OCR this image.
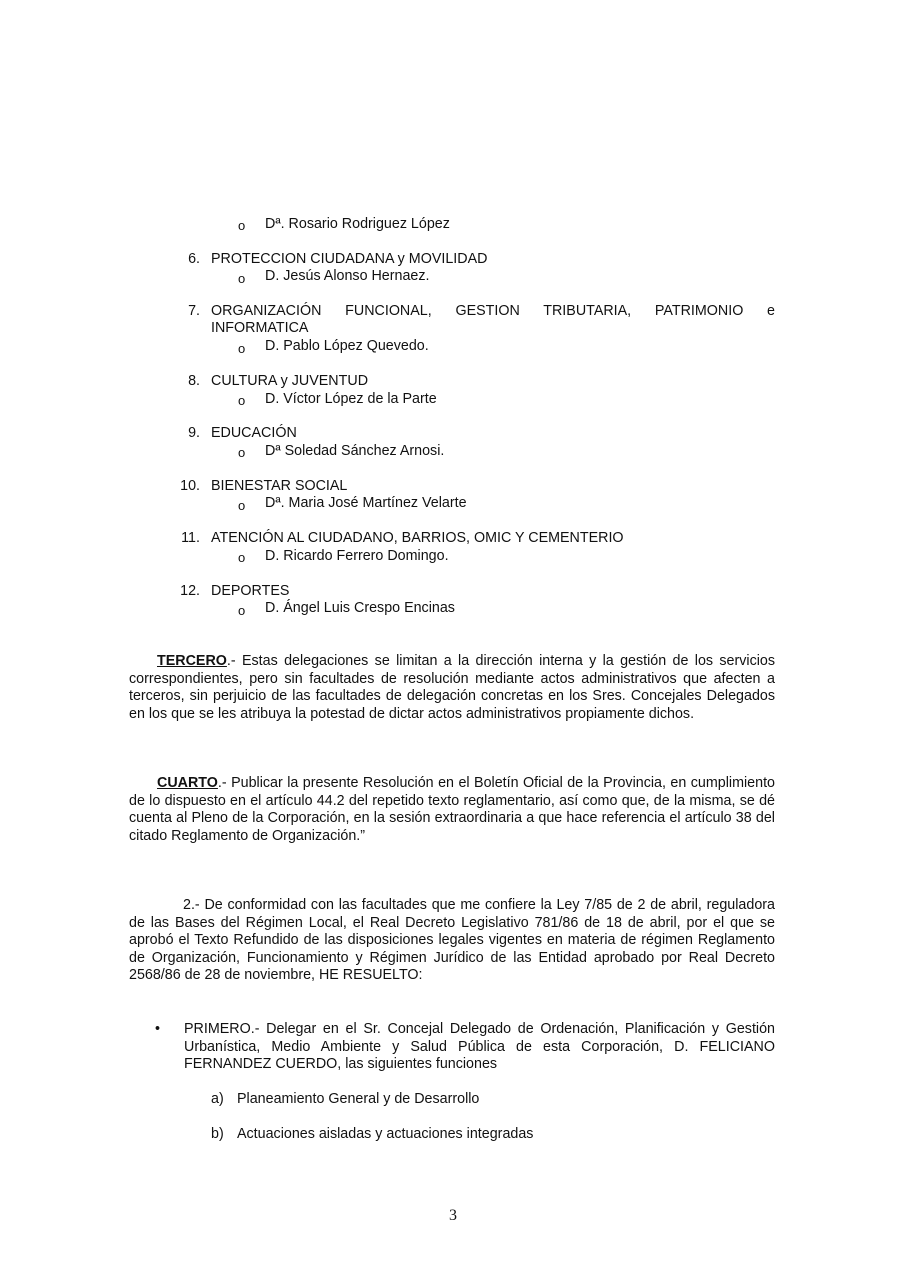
o Dª. Rosario Rodriguez López
6. PROTECCION CIUDADANA y MOVILIDAD
o D. Jesús Alonso Hernaez.
7. ORGANIZACIÓN FUNCIONAL, GESTION TRIBUTARIA, PATRIMONIO e
INFORMATICA
o D. Pablo López Quevedo.
8. CULTURA y JUVENTUD
o D. Víctor López de la Parte
9. EDUCACIÓN
o Dª Soledad Sánchez Arnosi.
10. BIENESTAR SOCIAL
o Dª. Maria José Martínez Velarte
11. ATENCIÓN AL CIUDADANO, BARRIOS, OMIC Y CEMENTERIO
o D. Ricardo Ferrero Domingo.
12. DEPORTES
o D. Ángel Luis Crespo Encinas
TERCERO.- Estas delegaciones se limitan a la dirección interna y la gestión de los servicios correspondientes, pero sin facultades de resolución mediante actos administrativos que afecten a terceros, sin perjuicio de las facultades de delegación concretas en los Sres. Concejales Delegados en los que se les atribuya la potestad de dictar actos administrativos propiamente dichos.
CUARTO.- Publicar la presente Resolución en el Boletín Oficial de la Provincia, en cumplimiento de lo dispuesto en el artículo 44.2 del repetido texto reglamentario, así como que, de la misma, se dé cuenta al Pleno de la Corporación, en la sesión extraordinaria a que hace referencia el artículo 38 del citado Reglamento de Organización.”
2.- De conformidad con las facultades que me confiere la Ley 7/85 de 2 de abril, reguladora de las Bases del Régimen Local, el Real Decreto Legislativo 781/86 de 18 de abril, por el que se aprobó el Texto Refundido de las disposiciones legales vigentes en materia de régimen Reglamento de Organización, Funcionamiento y Régimen Jurídico de las Entidad aprobado por Real Decreto 2568/86 de 28 de noviembre, HE RESUELTO:
• PRIMERO.- Delegar en el Sr. Concejal Delegado de Ordenación, Planificación y Gestión Urbanística, Medio Ambiente y Salud Pública de esta Corporación, D. FELICIANO FERNANDEZ CUERDO, las siguientes funciones
a) Planeamiento General y de Desarrollo
b) Actuaciones aisladas y actuaciones integradas
3
